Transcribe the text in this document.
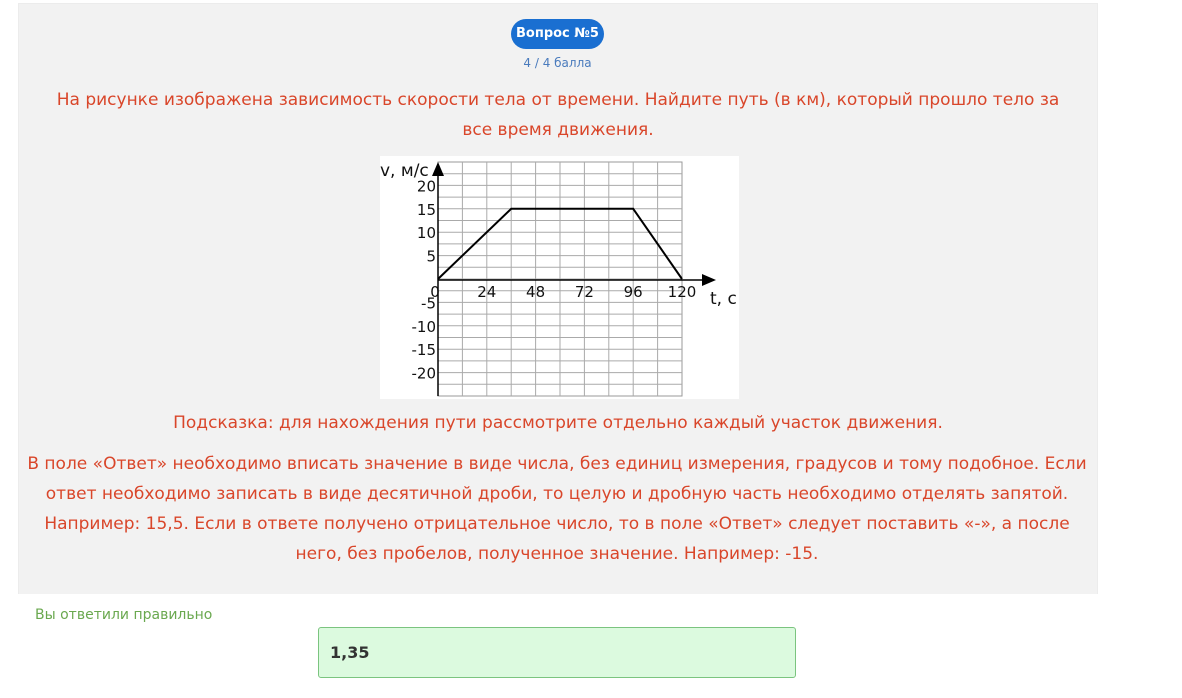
Вопрос №5
4 / 4 балла
На рисунке изображена зависимость скорости тела от времени. Найдите путь (в км), который прошло тело за все время движения.
0 24 48 72 96 120
20
15
10
5
-5
-10
-15
-20
v, м/с
t, с
Подсказка: для нахождения пути рассмотрите отдельно каждый участок движения.
В поле «Ответ» необходимо вписать значение в виде числа, без единиц измерения, градусов и тому подобное. Если ответ необходимо записать в виде десятичной дроби, то целую и дробную часть необходимо отделять запятой. Например: 15,5. Если в ответе получено отрицательное число, то в поле «Ответ» следует поставить «-», а после него, без пробелов, полученное значение. Например: -15.
Вы ответили правильно
1,35
